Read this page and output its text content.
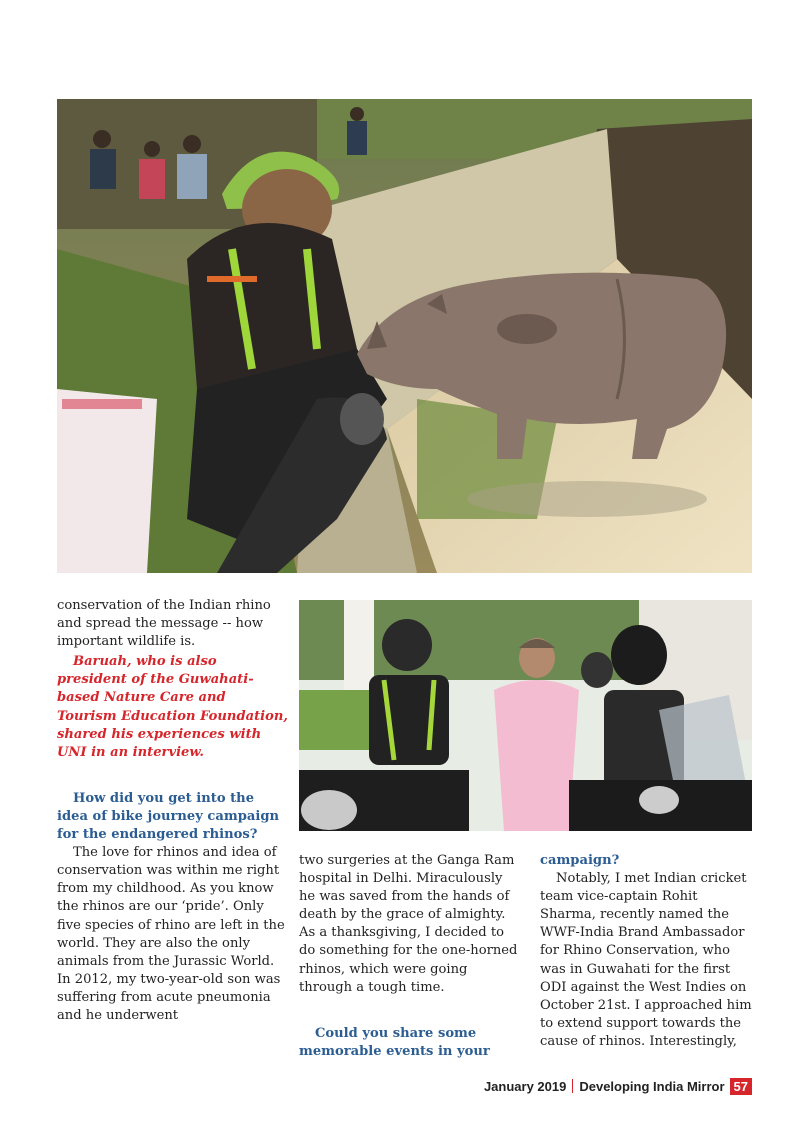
conservation of the Indian rhino and spread the message -- how important wildlife is.

Baruah, who is also president of the Guwahati-based Nature Care and Tourism Education Foundation, shared his experiences with UNI in an interview.

How did you get into the idea of bike journey campaign for the endangered rhinos?

The love for rhinos and idea of conservation was within me right from my childhood. As you know the rhinos are our ‘pride’. Only five species of rhino are left in the world. They are also the only animals from the Jurassic World. In 2012, my two-year-old son was suffering from acute pneumonia and he underwent

two surgeries at the Ganga Ram hospital in Delhi. Miraculously he was saved from the hands of death by the grace of almighty. As a thanksgiving, I decided to do something for the one-horned rhinos, which were going through a tough time.

Could you share some memorable events in your

campaign?

Notably, I met Indian cricket team vice-captain Rohit Sharma, recently named the WWF-India Brand Ambassador for Rhino Conservation, who was in Guwahati for the first ODI against the West Indies on October 21st. I approached him to extend support towards the cause of rhinos. Interestingly,

January 2019 Developing India Mirror 57
